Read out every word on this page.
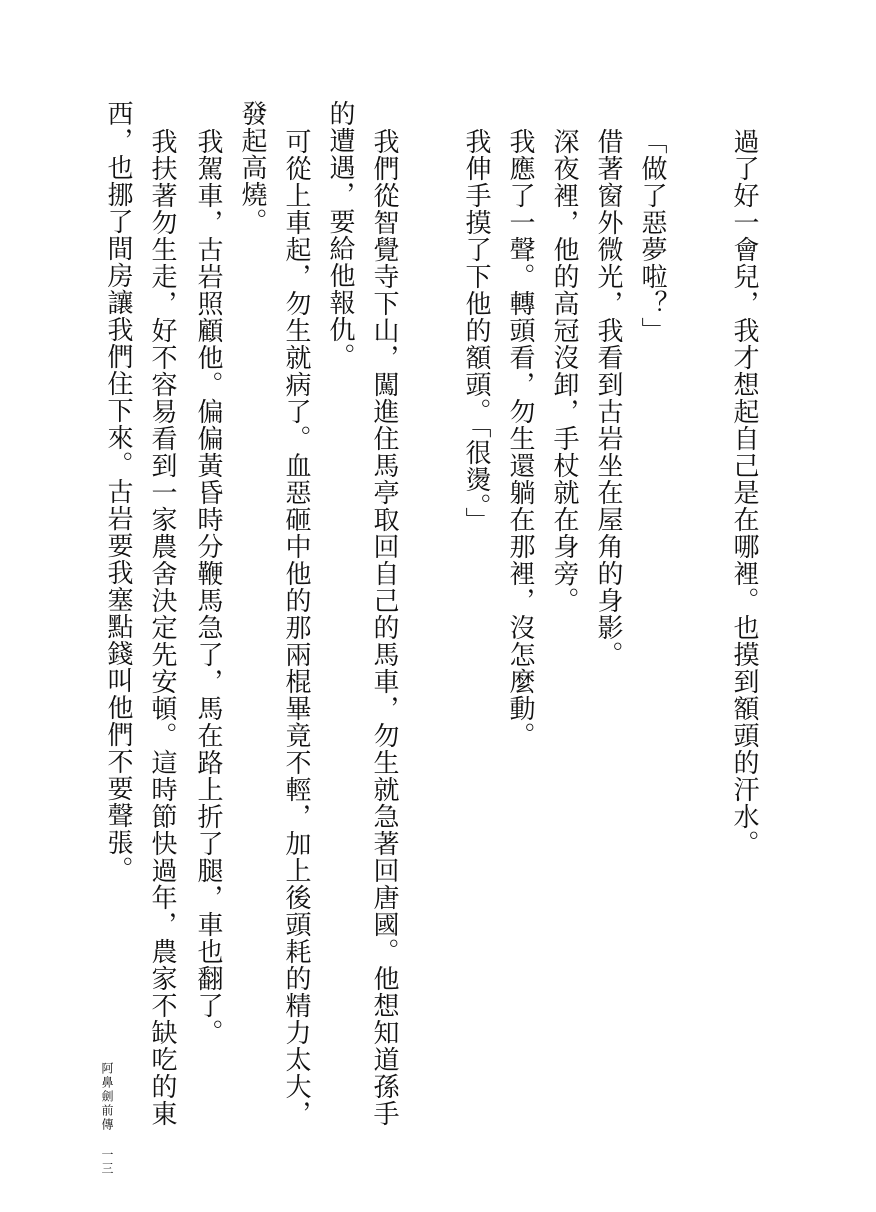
過了好一會兒，我才想起自己是在哪裡。也摸到額頭的汗水。
「做了惡夢啦？」
借著窗外微光，我看到古岩坐在屋角的身影。
深夜裡，他的高冠沒卸，手杖就在身旁。
我應了一聲。轉頭看，勿生還躺在那裡，沒怎麼動。
我伸手摸了下他的額頭。「很燙。」
我們從智覺寺下山，闖進住馬亭取回自己的馬車，勿生就急著回唐國。他想知道孫手
的遭遇，要給他報仇。
可從上車起，勿生就病了。血惡砸中他的那兩棍畢竟不輕，加上後頭耗的精力太大，
發起高燒。
我駕車，古岩照顧他。偏偏黃昏時分鞭馬急了，馬在路上折了腿，車也翻了。
我扶著勿生走，好不容易看到一家農舍決定先安頓。這時節快過年，農家不缺吃的東
西，也挪了間房讓我們住下來。古岩要我塞點錢叫他們不要聲張。
阿鼻劍前傳
一三
